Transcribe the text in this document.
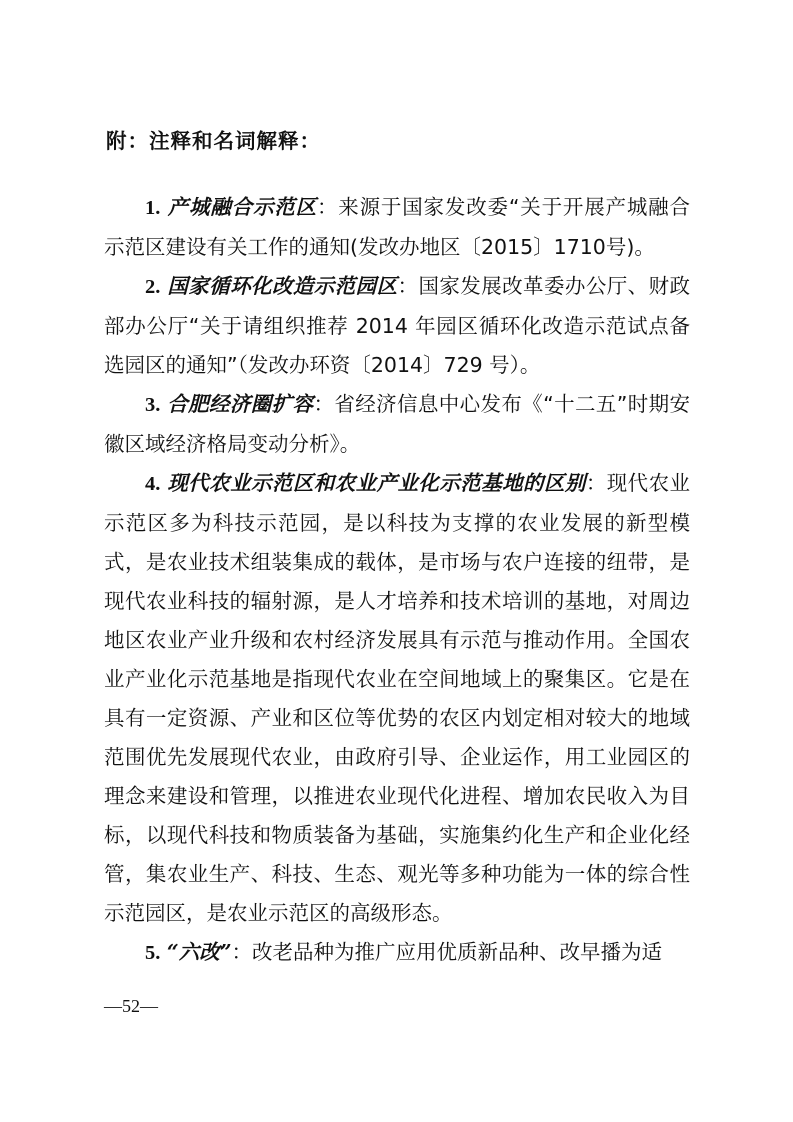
附：注释和名词解释：

1. 产城融合示范区：来源于国家发改委“关于开展产城融合示范区建设有关工作的通知(发改办地区〔2015〕1710号)。

2. 国家循环化改造示范园区：国家发展改革委办公厅、财政部办公厅“关于请组织推荐 2014 年园区循环化改造示范试点备选园区的通知”（发改办环资〔2014〕729 号）。

3. 合肥经济圈扩容：省经济信息中心发布《“十二五”时期安徽区域经济格局变动分析》。

4. 现代农业示范区和农业产业化示范基地的区别：现代农业示范区多为科技示范园，是以科技为支撑的农业发展的新型模式，是农业技术组装集成的载体，是市场与农户连接的纽带，是现代农业科技的辐射源，是人才培养和技术培训的基地，对周边地区农业产业升级和农村经济发展具有示范与推动作用。全国农业产业化示范基地是指现代农业在空间地域上的聚集区。它是在具有一定资源、产业和区位等优势的农区内划定相对较大的地域范围优先发展现代农业，由政府引导、企业运作，用工业园区的理念来建设和管理，以推进农业现代化进程、增加农民收入为目标，以现代科技和物质装备为基础，实施集约化生产和企业化经管，集农业生产、科技、生态、观光等多种功能为一体的综合性示范园区，是农业示范区的高级形态。

5. “六改”：改老品种为推广应用优质新品种、改早播为适

—52—
